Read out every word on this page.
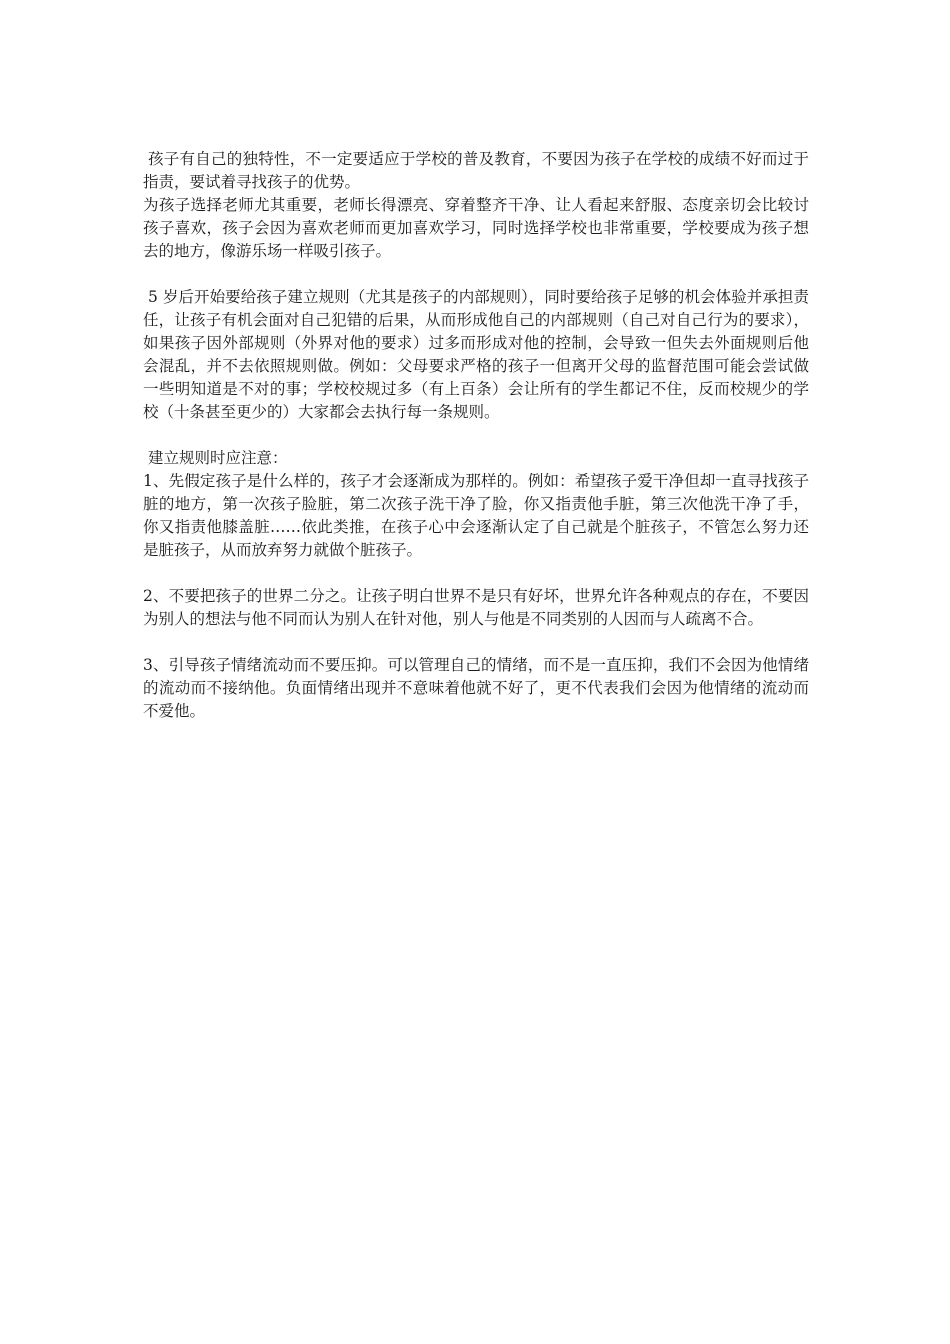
孩子有自己的独特性，不一定要适应于学校的普及教育，不要因为孩子在学校的成绩不好而过于指责，要试着寻找孩子的优势。

为孩子选择老师尤其重要，老师长得漂亮、穿着整齐干净、让人看起来舒服、态度亲切会比较讨孩子喜欢，孩子会因为喜欢老师而更加喜欢学习，同时选择学校也非常重要，学校要成为孩子想去的地方，像游乐场一样吸引孩子。

5 岁后开始要给孩子建立规则（尤其是孩子的内部规则），同时要给孩子足够的机会体验并承担责任，让孩子有机会面对自己犯错的后果，从而形成他自己的内部规则（自己对自己行为的要求），如果孩子因外部规则（外界对他的要求）过多而形成对他的控制，会导致一但失去外面规则后他会混乱，并不去依照规则做。例如：父母要求严格的孩子一但离开父母的监督范围可能会尝试做一些明知道是不对的事；学校校规过多（有上百条）会让所有的学生都记不住，反而校规少的学校（十条甚至更少的）大家都会去执行每一条规则。

建立规则时应注意：

1、先假定孩子是什么样的，孩子才会逐渐成为那样的。例如：希望孩子爱干净但却一直寻找孩子脏的地方，第一次孩子脸脏，第二次孩子洗干净了脸，你又指责他手脏，第三次他洗干净了手，你又指责他膝盖脏……依此类推，在孩子心中会逐渐认定了自己就是个脏孩子，不管怎么努力还是脏孩子，从而放弃努力就做个脏孩子。

2、不要把孩子的世界二分之。让孩子明白世界不是只有好坏，世界允许各种观点的存在，不要因为别人的想法与他不同而认为别人在针对他，别人与他是不同类别的人因而与人疏离不合。

3、引导孩子情绪流动而不要压抑。可以管理自己的情绪，而不是一直压抑，我们不会因为他情绪的流动而不接纳他。负面情绪出现并不意味着他就不好了，更不代表我们会因为他情绪的流动而不爱他。
